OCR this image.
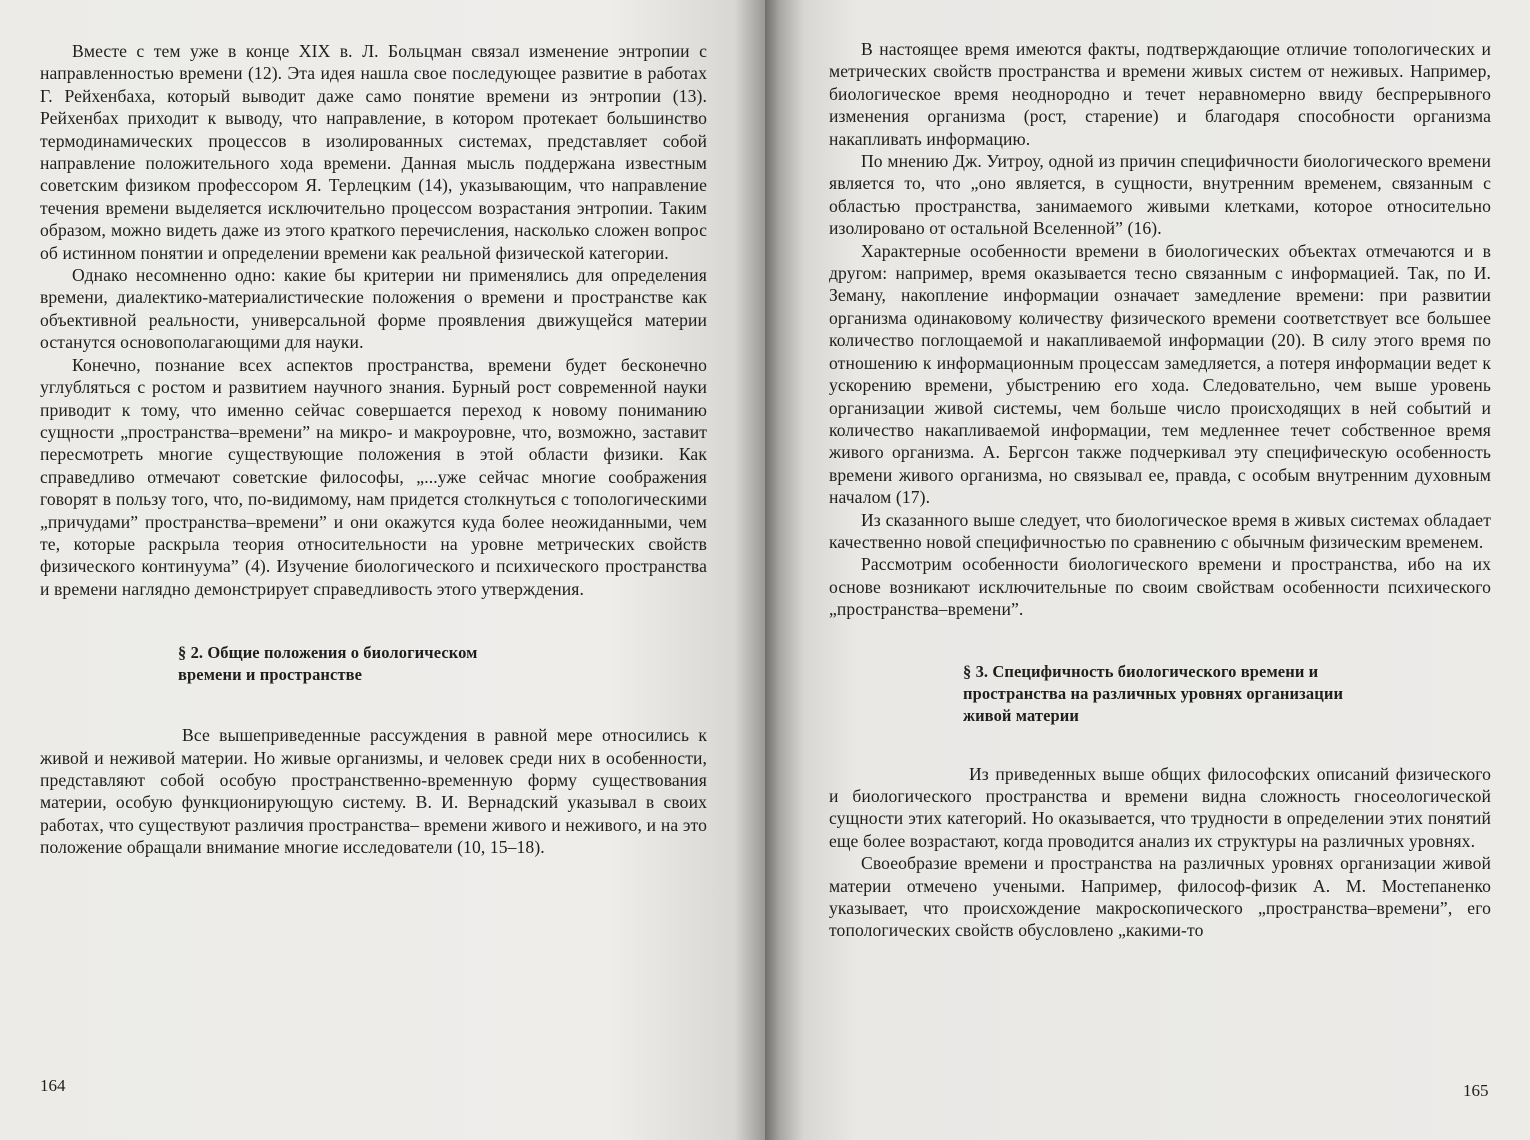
Вместе с тем уже в конце XIX в. Л. Больцман связал изменение энтропии с направленностью времени (12). Эта идея нашла свое последующее развитие в работах Г. Рейхенбаха, который выводит даже само понятие времени из энтропии (13). Рейхенбах приходит к выводу, что направление, в котором протекает большинство термодинамических процессов в изолированных системах, представляет собой направление положительного хода времени. Данная мысль поддержана известным советским физиком профессором Я. Терлецким (14), указывающим, что направление течения времени выделяется исключительно процессом возрастания энтропии. Таким образом, можно видеть даже из этого краткого перечисления, насколько сложен вопрос об истинном понятии и определении времени как реальной физической категории.

Однако несомненно одно: какие бы критерии ни применялись для определения времени, диалектико-материалистические положения о времени и пространстве как объективной реальности, универсальной форме проявления движущейся материи останутся основополагающими для науки.

Конечно, познание всех аспектов пространства, времени будет бесконечно углубляться с ростом и развитием научного знания. Бурный рост современной науки приводит к тому, что именно сейчас совершается переход к новому пониманию сущности „пространства–времени” на микро- и макроуровне, что, возможно, заставит пересмотреть многие существующие положения в этой области физики. Как справедливо отмечают советские философы, „...уже сейчас многие соображения говорят в пользу того, что, по-видимому, нам придется столкнуться с топологическими „причудами” пространства–времени” и они окажутся куда более неожиданными, чем те, которые раскрыла теория относительности на уровне метрических свойств физического континуума” (4). Изучение биологического и психического пространства и времени наглядно демонстрирует справедливость этого утверждения.

§ 2. Общие положения о биологическом
времени и пространстве

Все вышеприведенные рассуждения в равной мере относились к живой и неживой материи. Но живые организмы, и человек среди них в особенности, представляют собой особую пространственно-временную форму существования материи, особую функционирующую систему. В. И. Вернадский указывал в своих работах, что существуют различия пространства– времени живого и неживого, и на это положение обращали внимание многие исследователи (10, 15–18).

164

В настоящее время имеются факты, подтверждающие отличие топологических и метрических свойств пространства и времени живых систем от неживых. Например, биологическое время неоднородно и течет неравномерно ввиду беспрерывного изменения организма (рост, старение) и благодаря способности организма накапливать информацию.

По мнению Дж. Уитроу, одной из причин специфичности биологического времени является то, что „оно является, в сущности, внутренним временем, связанным с областью пространства, занимаемого живыми клетками, которое относительно изолировано от остальной Вселенной” (16).

Характерные особенности времени в биологических объектах отмечаются и в другом: например, время оказывается тесно связанным с информацией. Так, по И. Земану, накопление информации означает замедление времени: при развитии организма одинаковому количеству физического времени соответствует все большее количество поглощаемой и накапливаемой информации (20). В силу этого время по отношению к информационным процессам замедляется, а потеря информации ведет к ускорению времени, убыстрению его хода. Следовательно, чем выше уровень организации живой системы, чем больше число происходящих в ней событий и количество накапливаемой информации, тем медленнее течет собственное время живого организма. А. Бергсон также подчеркивал эту специфическую особенность времени живого организма, но связывал ее, правда, с особым внутренним духовным началом (17).

Из сказанного выше следует, что биологическое время в живых системах обладает качественно новой специфичностью по сравнению с обычным физическим временем.

Рассмотрим особенности биологического времени и пространства, ибо на их основе возникают исключительные по своим свойствам особенности психического „пространства–времени”.

§ 3. Специфичность биологического времени и
пространства на различных уровнях организации
живой материи

Из приведенных выше общих философских описаний физического и биологического пространства и времени видна сложность гносеологической сущности этих категорий. Но оказывается, что трудности в определении этих понятий еще более возрастают, когда проводится анализ их структуры на различных уровнях.

Своеобразие времени и пространства на различных уровнях организации живой материи отмечено учеными. Например, философ-физик А. М. Мостепаненко указывает, что происхождение макроскопического „пространства–времени”, его топологических свойств обусловлено „какими-то

165
